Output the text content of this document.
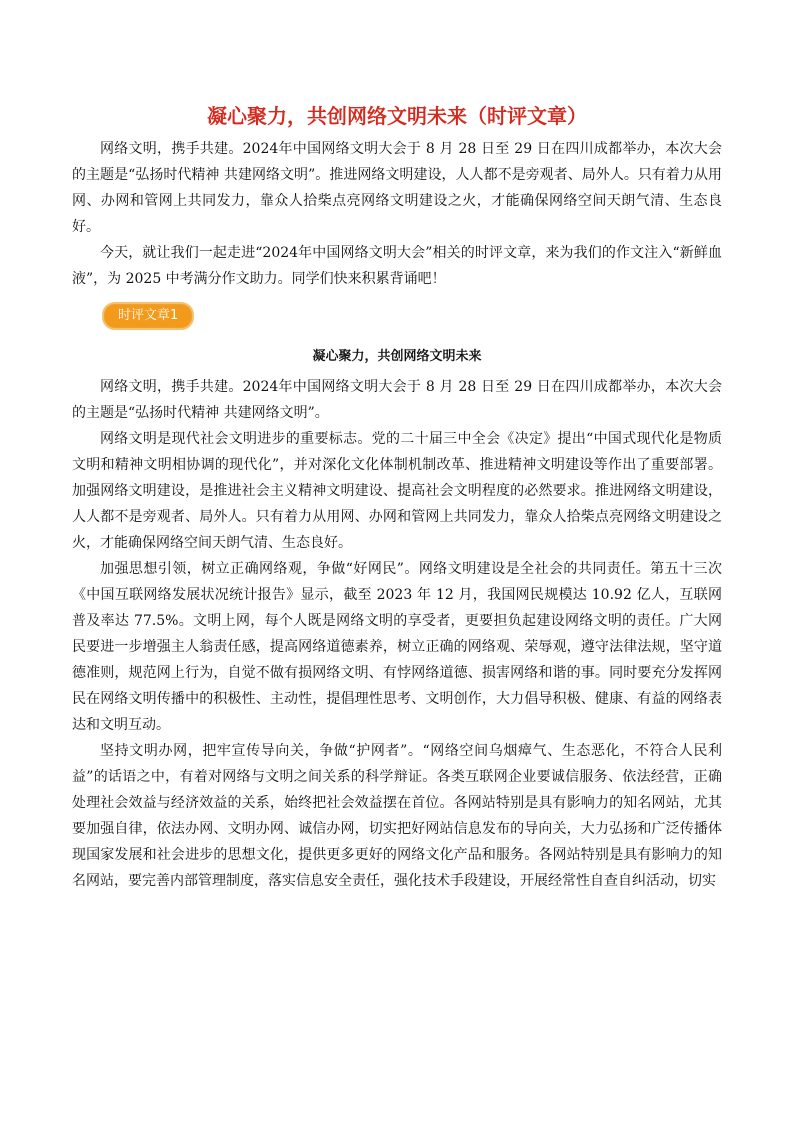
凝心聚力，共创网络文明未来（时评文章）

网络文明，携手共建。2024年中国网络文明大会于 8 月 28 日至 29 日在四川成都举办，本次大会的主题是“弘扬时代精神 共建网络文明”。推进网络文明建设，人人都不是旁观者、局外人。只有着力从用网、办网和管网上共同发力，靠众人拾柴点亮网络文明建设之火，才能确保网络空间天朗气清、生态良好。

今天，就让我们一起走进“2024年中国网络文明大会”相关的时评文章，来为我们的作文注入“新鲜血液”，为 2025 中考满分作文助力。同学们快来积累背诵吧！

时评文章1
凝心聚力，共创网络文明未来

网络文明，携手共建。2024年中国网络文明大会于 8 月 28 日至 29 日在四川成都举办，本次大会的主题是“弘扬时代精神 共建网络文明”。

网络文明是现代社会文明进步的重要标志。党的二十届三中全会《决定》提出“中国式现代化是物质文明和精神文明相协调的现代化”，并对深化文化体制机制改革、推进精神文明建设等作出了重要部署。加强网络文明建设，是推进社会主义精神文明建设、提高社会文明程度的必然要求。推进网络文明建设，人人都不是旁观者、局外人。只有着力从用网、办网和管网上共同发力，靠众人拾柴点亮网络文明建设之火，才能确保网络空间天朗气清、生态良好。

加强思想引领，树立正确网络观，争做“好网民”。网络文明建设是全社会的共同责任。第五十三次《中国互联网络发展状况统计报告》显示，截至 2023 年 12 月，我国网民规模达 10.92 亿人，互联网普及率达 77.5%。文明上网，每个人既是网络文明的享受者，更要担负起建设网络文明的责任。广大网民要进一步增强主人翁责任感，提高网络道德素养，树立正确的网络观、荣辱观，遵守法律法规，坚守道德准则，规范网上行为，自觉不做有损网络文明、有悖网络道德、损害网络和谐的事。同时要充分发挥网民在网络文明传播中的积极性、主动性，提倡理性思考、文明创作，大力倡导积极、健康、有益的网络表达和文明互动。

坚持文明办网，把牢宣传导向关，争做“护网者”。“网络空间乌烟瘴气、生态恶化，不符合人民利益”的话语之中，有着对网络与文明之间关系的科学辩证。各类互联网企业要诚信服务、依法经营，正确处理社会效益与经济效益的关系，始终把社会效益摆在首位。各网站特别是具有影响力的知名网站，尤其要加强自律，依法办网、文明办网、诚信办网，切实把好网站信息发布的导向关，大力弘扬和广泛传播体现国家发展和社会进步的思想文化，提供更多更好的网络文化产品和服务。各网站特别是具有影响力的知名网站，要完善内部管理制度，落实信息安全责任，强化技术手段建设，开展经常性自查自纠活动，切实
